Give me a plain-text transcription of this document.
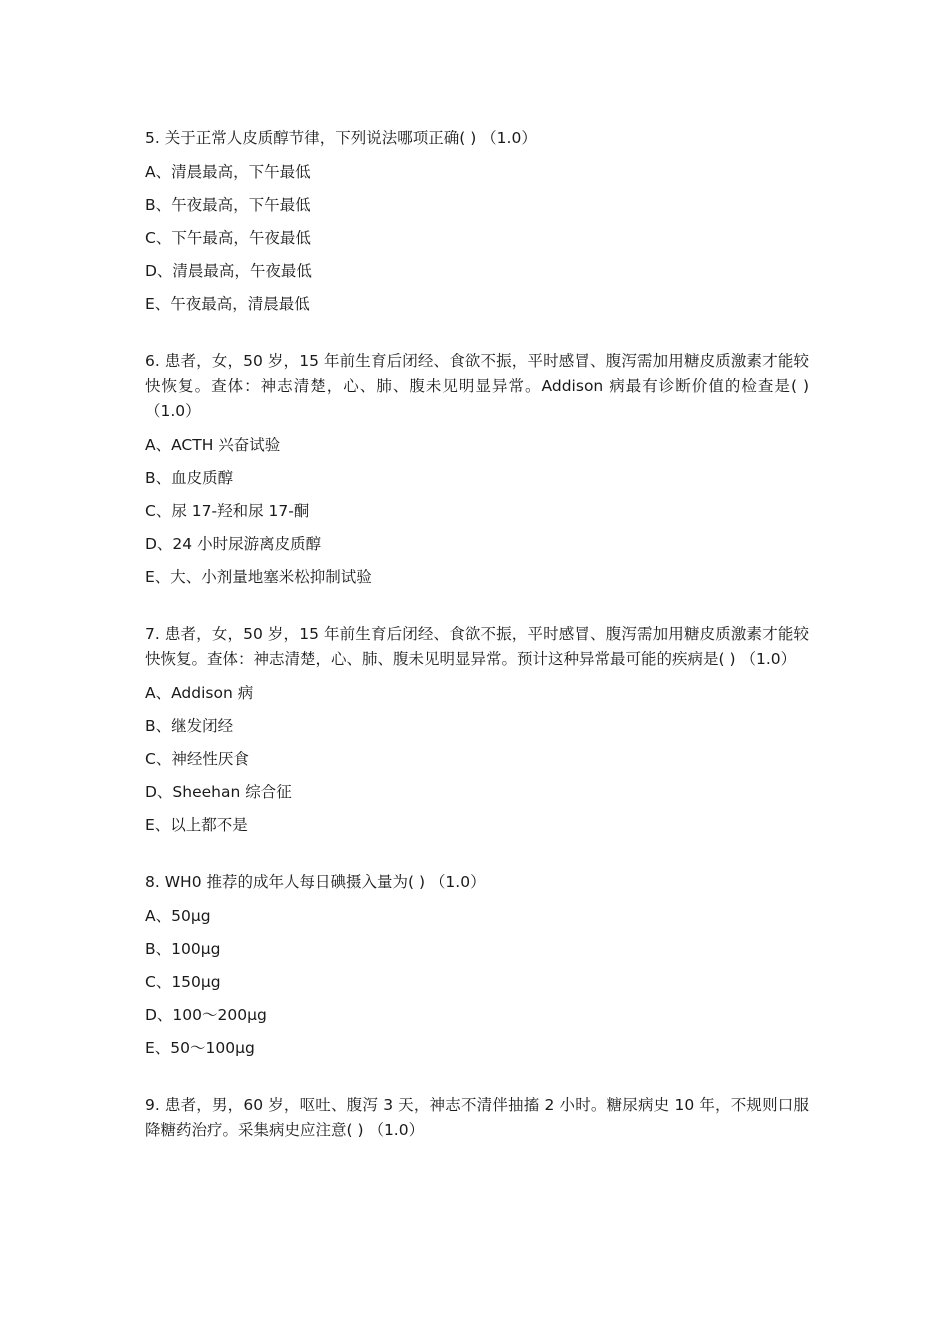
5. 关于正常人皮质醇节律，下列说法哪项正确( ) （1.0）

A、清晨最高，下午最低
B、午夜最高，下午最低
C、下午最高，午夜最低
D、清晨最高，午夜最低
E、午夜最高，清晨最低

6. 患者，女，50 岁，15 年前生育后闭经、食欲不振，平时感冒、腹泻需加用糖皮质激素才能较快恢复。查体：神志清楚，心、肺、腹未见明显异常。Addison 病最有诊断价值的检查是( ) （1.0）

A、ACTH 兴奋试验
B、血皮质醇
C、尿 17-羟和尿 17-酮
D、24 小时尿游离皮质醇
E、大、小剂量地塞米松抑制试验

7. 患者，女，50 岁，15 年前生育后闭经、食欲不振，平时感冒、腹泻需加用糖皮质激素才能较快恢复。查体：神志清楚，心、肺、腹未见明显异常。预计这种异常最可能的疾病是( ) （1.0）

A、Addison 病
B、继发闭经
C、神经性厌食
D、Sheehan 综合征
E、以上都不是

8. WH0 推荐的成年人每日碘摄入量为( ) （1.0）

A、50μg
B、100μg
C、150μg
D、100～200μg
E、50～100μg

9. 患者，男，60 岁，呕吐、腹泻 3 天，神志不清伴抽搐 2 小时。糖尿病史 10 年，不规则口服降糖药治疗。采集病史应注意( ) （1.0）
